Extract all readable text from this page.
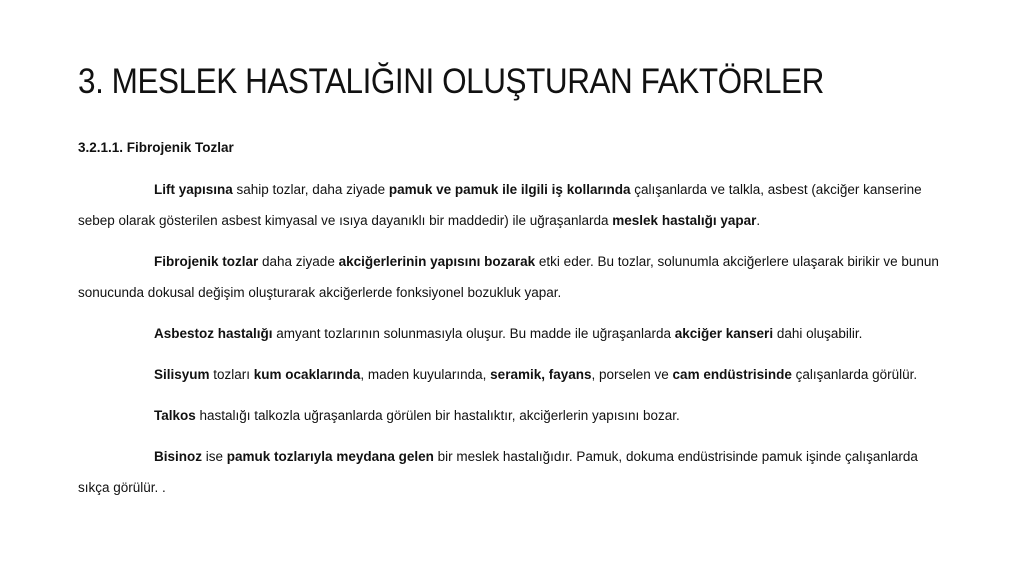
3. MESLEK HASTALIĞINI OLUŞTURAN FAKTÖRLER
3.2.1.1. Fibrojenik Tozlar

Lift yapısına sahip tozlar, daha ziyade pamuk ve pamuk ile ilgili iş kollarında çalışanlarda ve talkla, asbest (akciğer kanserine sebep olarak gösterilen asbest kimyasal ve ısıya dayanıklı bir maddedir) ile uğraşanlarda meslek hastalığı yapar.

Fibrojenik tozlar daha ziyade akciğerlerinin yapısını bozarak etki eder. Bu tozlar, solunumla akciğerlere ulaşarak birikir ve bunun sonucunda dokusal değişim oluşturarak akciğerlerde fonksiyonel bozukluk yapar.

Asbestoz hastalığı amyant tozlarının solunmasıyla oluşur. Bu madde ile uğraşanlarda akciğer kanseri dahi oluşabilir.

Silisyum tozları kum ocaklarında, maden kuyularında, seramik, fayans, porselen ve cam endüstrisinde çalışanlarda görülür.

Talkos hastalığı talkozla uğraşanlarda görülen bir hastalıktır, akciğerlerin yapısını bozar.

Bisinoz ise pamuk tozlarıyla meydana gelen bir meslek hastalığıdır. Pamuk, dokuma endüstrisinde pamuk işinde çalışanlarda sıkça görülür. .
